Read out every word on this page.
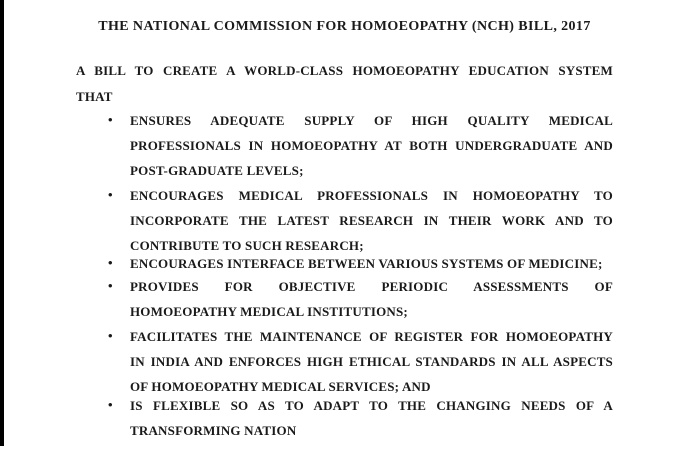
THE NATIONAL COMMISSION FOR HOMOEOPATHY (NCH) BILL, 2017
A BILL TO CREATE A WORLD-CLASS HOMOEOPATHY EDUCATION SYSTEM
THAT
• ENSURES ADEQUATE SUPPLY OF HIGH QUALITY MEDICAL
PROFESSIONALS IN HOMOEOPATHY AT BOTH UNDERGRADUATE AND
POST-GRADUATE LEVELS;
• ENCOURAGES MEDICAL PROFESSIONALS IN HOMOEOPATHY TO
INCORPORATE THE LATEST RESEARCH IN THEIR WORK AND TO
CONTRIBUTE TO SUCH RESEARCH;
• ENCOURAGES INTERFACE BETWEEN VARIOUS SYSTEMS OF MEDICINE;
• PROVIDES FOR OBJECTIVE PERIODIC ASSESSMENTS OF
HOMOEOPATHY MEDICAL INSTITUTIONS;
• FACILITATES THE MAINTENANCE OF REGISTER FOR HOMOEOPATHY
IN INDIA AND ENFORCES HIGH ETHICAL STANDARDS IN ALL ASPECTS
OF HOMOEOPATHY MEDICAL SERVICES; AND
• IS FLEXIBLE SO AS TO ADAPT TO THE CHANGING NEEDS OF A
TRANSFORMING NATION
